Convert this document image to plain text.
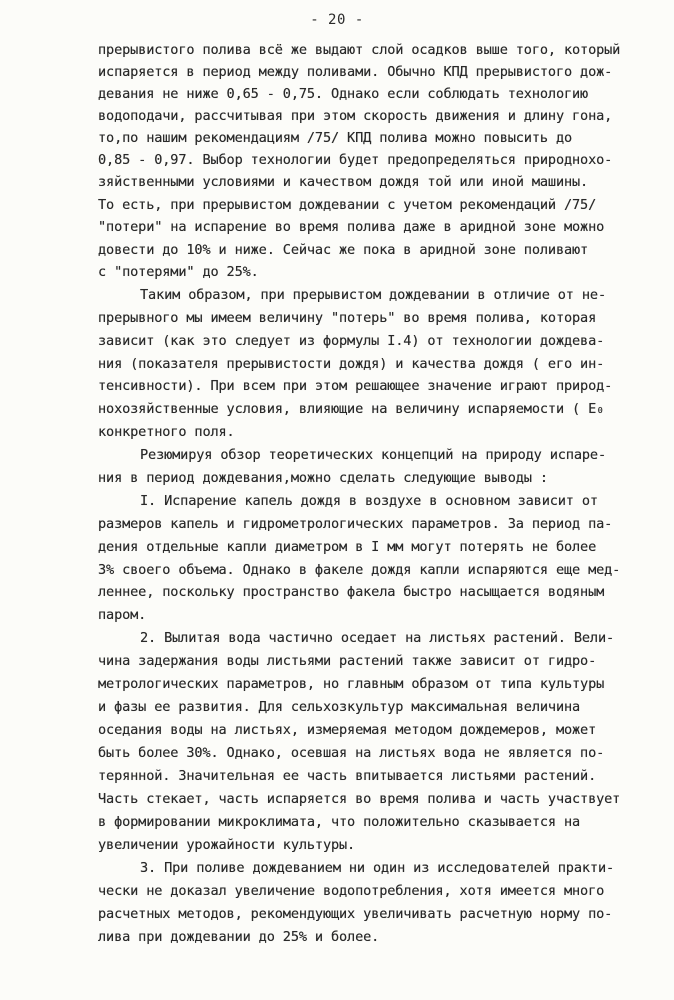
- 20 -
прерывистого полива всё же выдают слой осадков выше того, который
испаряется в период между поливами. Обычно КПД прерывистого дож-
девания не ниже 0,65 - 0,75. Однако если соблюдать технологию
водоподачи, рассчитывая при этом скорость движения и длину гона,
то,по нашим рекомендациям /75/ КПД полива можно повысить до
0,85 - 0,97. Выбор технологии будет предопределяться природнохо-
зяйственными условиями и качеством дождя той или иной машины.
То есть, при прерывистом дождевании с учетом рекомендаций /75/
"потери" на испарение во время полива даже в аридной зоне можно
довести до 10% и ниже. Сейчас же пока в аридной зоне поливают
с "потерями" до 25%.
Таким образом, при прерывистом дождевании в отличие от не-
прерывного мы имеем величину "потерь" во время полива, которая
зависит (как это следует из формулы I.4) от технологии дождева-
ния (показателя прерывистости дождя) и качества дождя ( его ин-
тенсивности). При всем при этом решающее значение играют природ-
нохозяйственные условия, влияющие на величину испаряемости ( E₀
конкретного поля.
Резюмируя обзор теоретических концепций на природу испаре-
ния в период дождевания,можно сделать следующие выводы :
I. Испарение капель дождя в воздухе в основном зависит от
размеров капель и гидрометрологических параметров. За период па-
дения отдельные капли диаметром в I мм могут потерять не более
3% своего объема. Однако в факеле дождя капли испаряются еще мед-
леннее, поскольку пространство факела быстро насыщается водяным
паром.
2. Вылитая вода частично оседает на листьях растений. Вели-
чина задержания воды листьями растений также зависит от гидро-
метрологических параметров, но главным образом от типа культуры
и фазы ее развития. Для сельхозкультур максимальная величина
оседания воды на листьях, измеряемая методом дождемеров, может
быть более 30%. Однако, осевшая на листьях вода не является по-
терянной. Значительная ее часть впитывается листьями растений.
Часть стекает, часть испаряется во время полива и часть участвует
в формировании микроклимата, что положительно сказывается на
увеличении урожайности культуры.
3. При поливе дождеванием ни один из исследователей практи-
чески не доказал увеличение водопотребления, хотя имеется много
расчетных методов, рекомендующих увеличивать расчетную норму по-
лива при дождевании до 25% и более.
